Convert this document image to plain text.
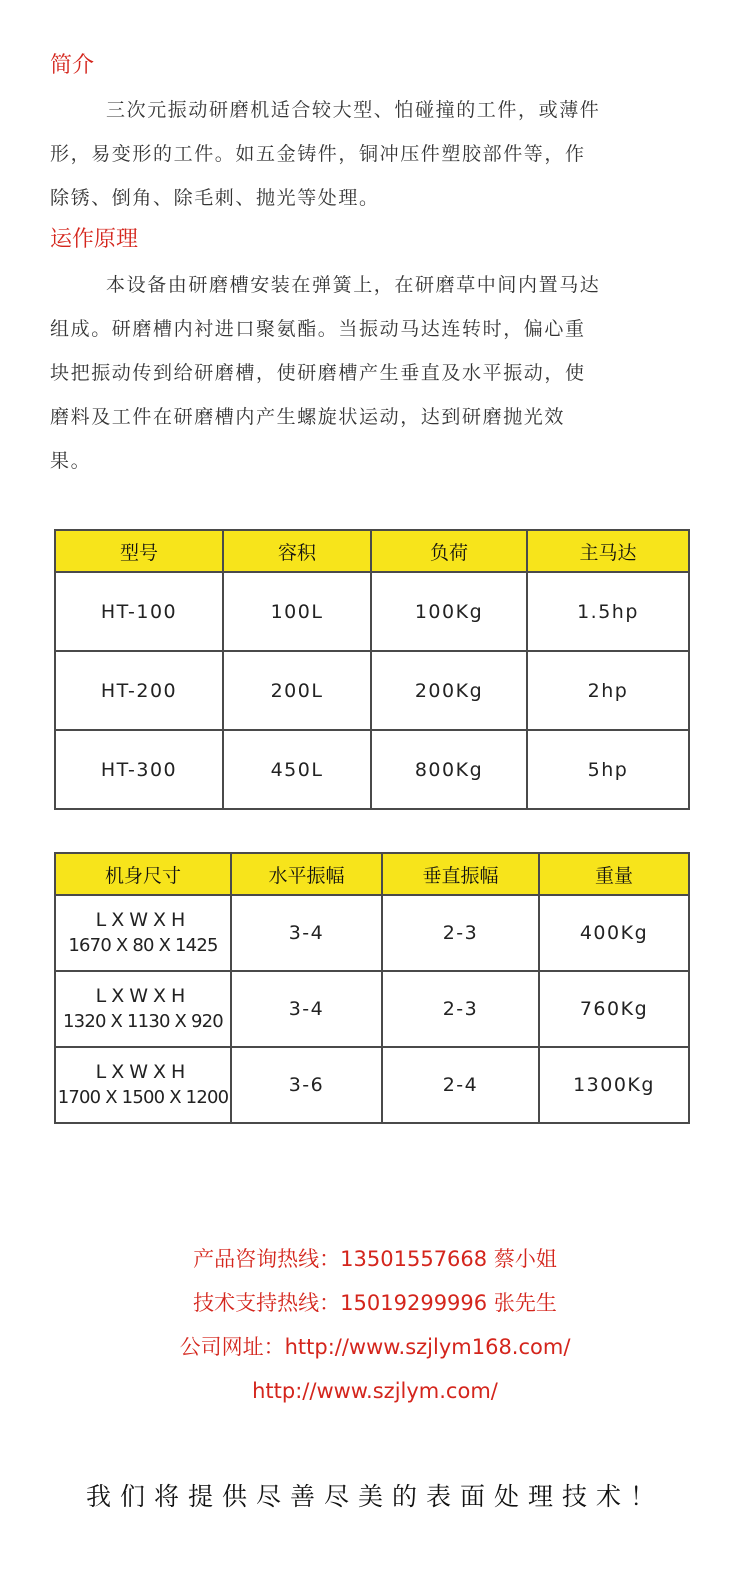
简介

三次元振动研磨机适合较大型、怕碰撞的工件，或薄件

形，易变形的工件。如五金铸件，铜冲压件塑胶部件等，作

除锈、倒角、除毛刺、抛光等处理。

运作原理

本设备由研磨槽安装在弹簧上，在研磨草中间内置马达

组成。研磨槽内衬进口聚氨酯。当振动马达连转时，偏心重

块把振动传到给研磨槽，使研磨槽产生垂直及水平振动，使

磨料及工件在研磨槽内产生螺旋状运动，达到研磨抛光效

果。

型号	容积	负荷	主马达
HT-100	100L	100Kg	1.5hp
HT-200	200L	200Kg	2hp
HT-300	450L	800Kg	5hp
机身尺寸	水平振幅	垂直振幅	重量

LXWXH
1670 X 80 X 1425	3-4	2-3	400Kg

LXWXH
1320 X 1130 X 920	3-4	2-3	760Kg

LXWXH
1700 X 1500 X 1200	3-6	2-4	1300Kg
产品咨询热线：13501557668 蔡小姐
技术支持热线：15019299996 张先生
公司网址：http://www.szjlym168.com/
http://www.szjlym.com/
我们将提供尽善尽美的表面处理技术！
